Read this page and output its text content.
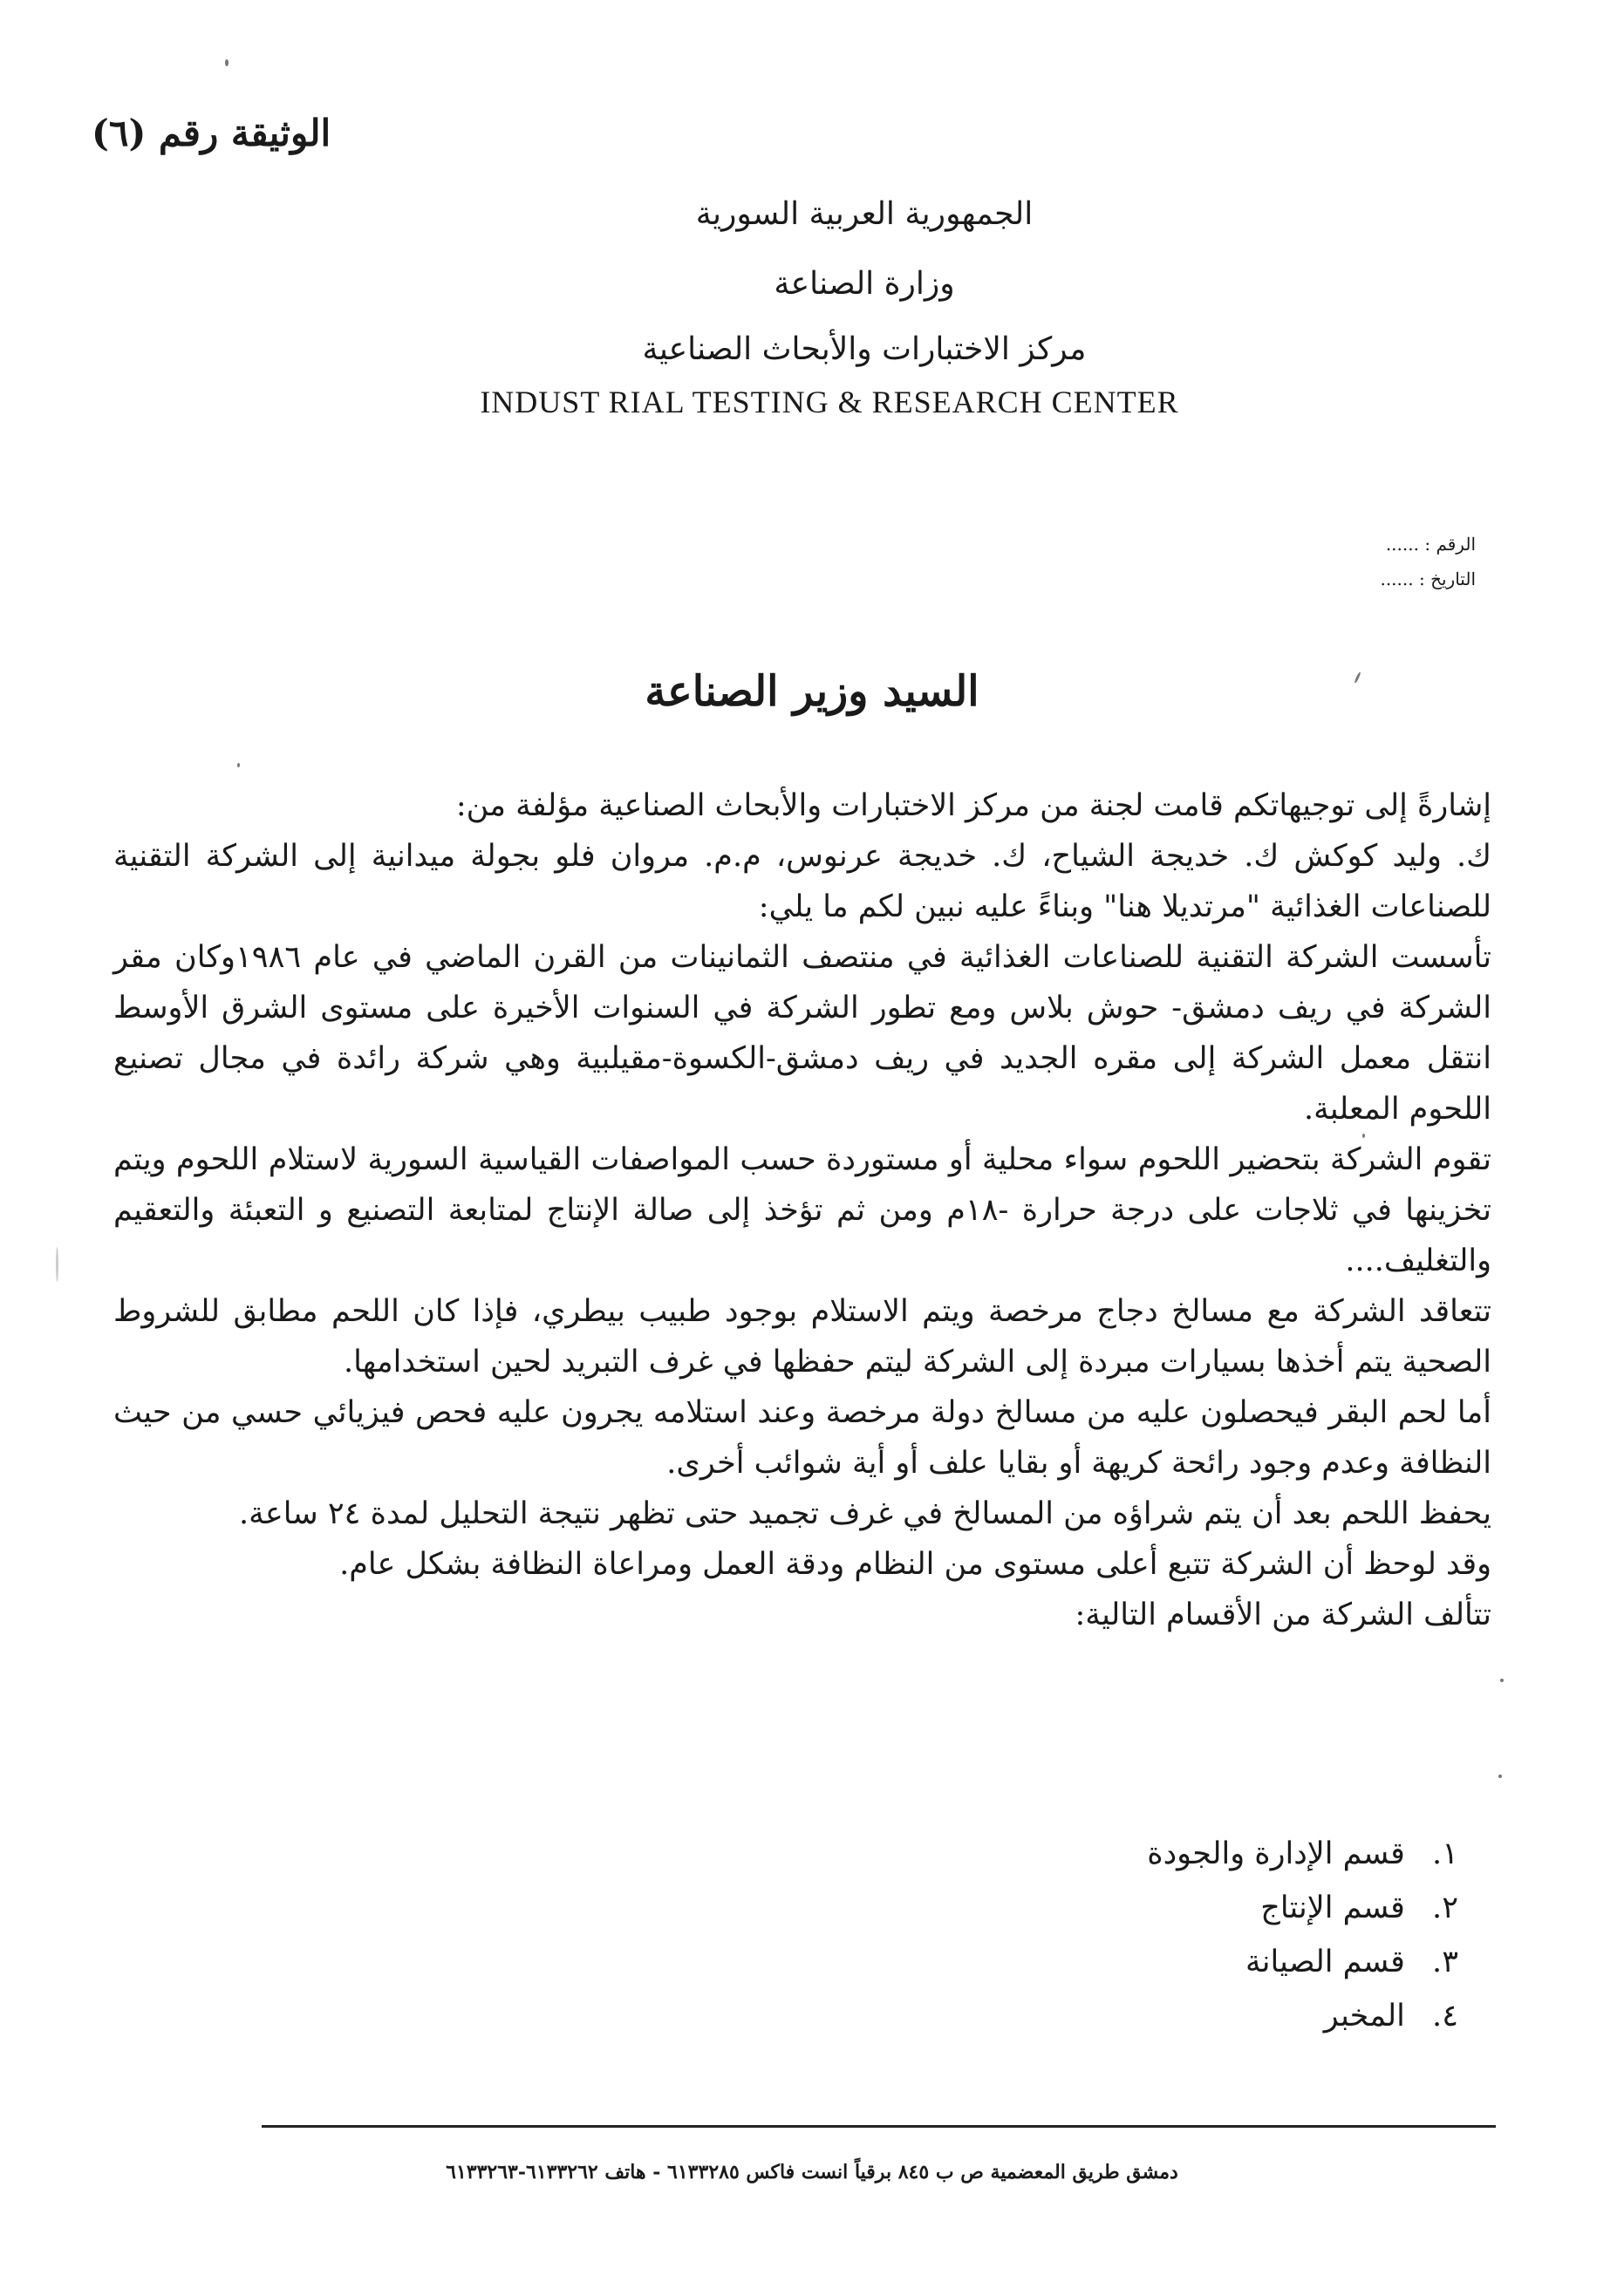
الوثيقة رقم (٦)
الجمهورية العربية السورية
وزارة الصناعة
مركز الاختبارات والأبحاث الصناعية
INDUST RIAL TESTING & RESEARCH CENTER
الرقم : ......
التاريخ : ......
السيد وزير الصناعة

إشارةً إلى توجيهاتكم قامت لجنة من مركز الاختبارات والأبحاث الصناعية مؤلفة من:

ك. وليد كوكش ك. خديجة الشياح، ك. خديجة عرنوس، م.م. مروان فلو بجولة ميدانية إلى الشركة التقنية للصناعات الغذائية "مرتديلا هنا" وبناءً عليه نبين لكم ما يلي:

تأسست الشركة التقنية للصناعات الغذائية في منتصف الثمانينات من القرن الماضي في عام ١٩٨٦وكان مقر الشركة في ريف دمشق- حوش بلاس ومع تطور الشركة في السنوات الأخيرة على مستوى الشرق الأوسط انتقل معمل الشركة إلى مقره الجديد في ريف دمشق-الكسوة-مقيلبية وهي شركة رائدة في مجال تصنيع اللحوم المعلبة.

تقوم الشركة بتحضير اللحوم سواء محلية أو مستوردة حسب المواصفات القياسية السورية لاستلام اللحوم ويتم تخزينها في ثلاجات على درجة حرارة -١٨م ومن ثم تؤخذ إلى صالة الإنتاج لمتابعة التصنيع و التعبئة والتعقيم والتغليف....

تتعاقد الشركة مع مسالخ دجاج مرخصة ويتم الاستلام بوجود طبيب بيطري، فإذا كان اللحم مطابق للشروط الصحية يتم أخذها بسيارات مبردة إلى الشركة ليتم حفظها في غرف التبريد لحين استخدامها.

أما لحم البقر فيحصلون عليه من مسالخ دولة مرخصة وعند استلامه يجرون عليه فحص فيزيائي حسي من حيث النظافة وعدم وجود رائحة كريهة أو بقايا علف أو أية شوائب أخرى.

يحفظ اللحم بعد أن يتم شراؤه من المسالخ في غرف تجميد حتى تظهر نتيجة التحليل لمدة ٢٤ ساعة.

وقد لوحظ أن الشركة تتبع أعلى مستوى من النظام ودقة العمل ومراعاة النظافة بشكل عام.

تتألف الشركة من الأقسام التالية:

١. قسم الإدارة والجودة
٢. قسم الإنتاج
٣. قسم الصيانة
٤. المخبر
دمشق طريق المعضمية ص ب ٨٤٥ برقياً انست فاكس ٦١٣٣٢٨٥ - هاتف ٦١٣٣٢٦٢-٦١٣٣٢٦٣
